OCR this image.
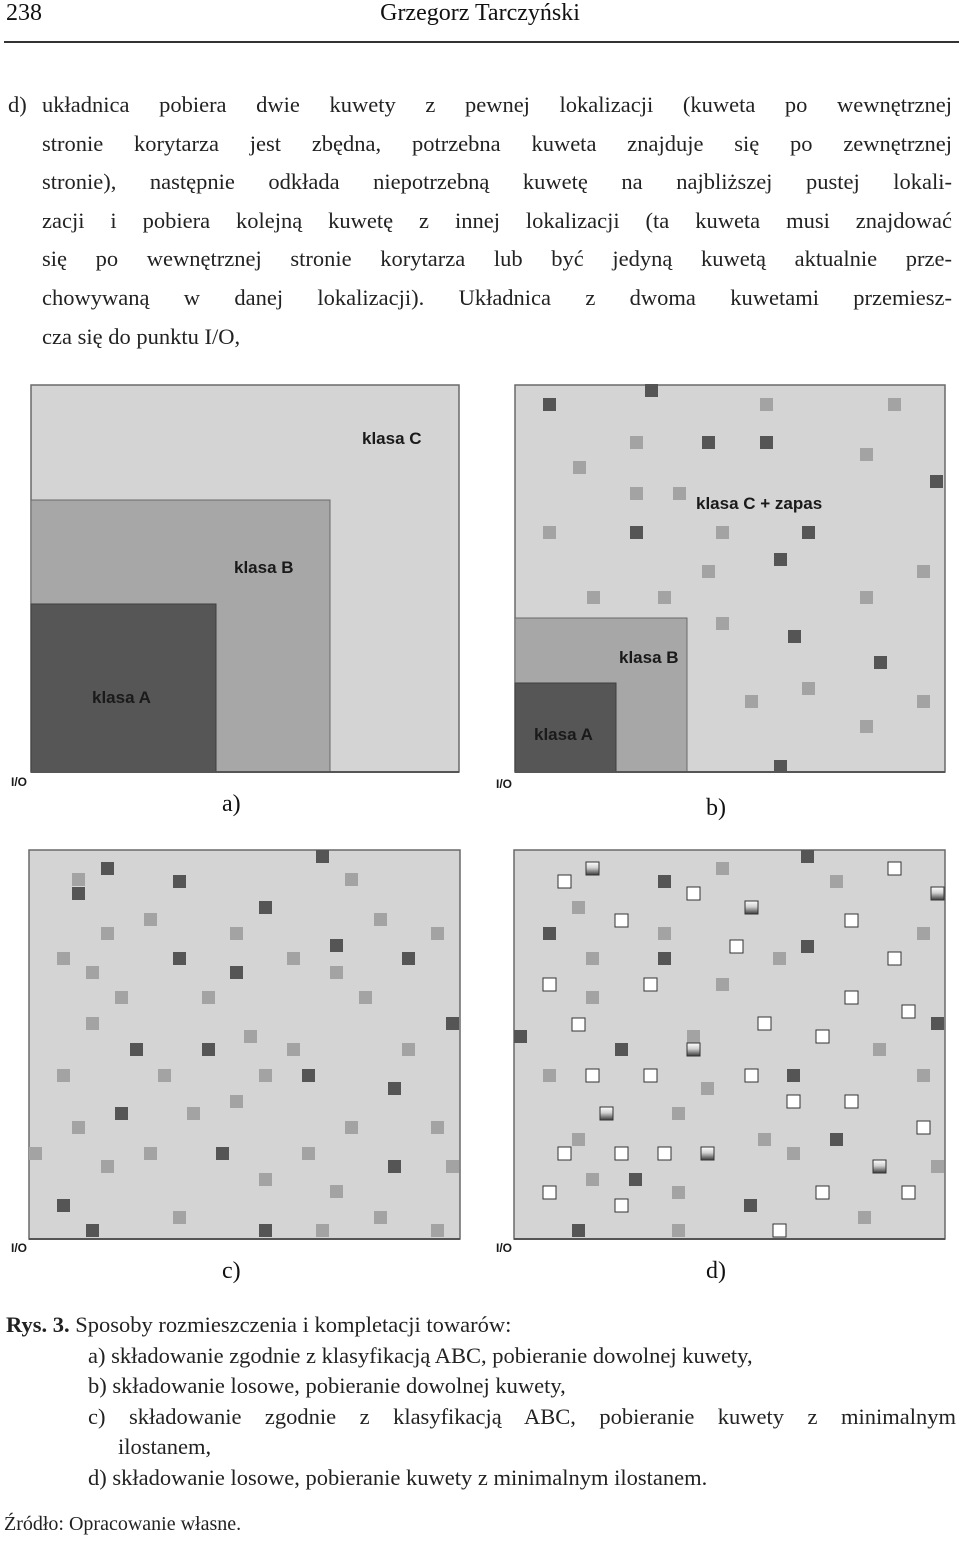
238	Grzegorz Tarczyński
d) układnica pobiera dwie kuwety z pewnej lokalizacji (kuweta po wewnętrznej
stronie korytarza jest zbędna, potrzebna kuweta znajduje się po zewnętrznej
stronie), następnie odkłada niepotrzebną kuwetę na najbliższej pustej lokali-
zacji i pobiera kolejną kuwetę z innej lokalizacji (ta kuweta musi znajdować
się po wewnętrznej stronie korytarza lub być jedyną kuwetą aktualnie prze-
chowywaną w danej lokalizacji). Układnica z dwoma kuwetami przemiesz-
cza się do punktu I/O,
klasa C
klasa B
klasa A
I/O
klasa C + zapas
klasa B
klasa A
I/O
I/O	I/O
a)	b)
c)	d)
Rys. 3. Sposoby rozmieszczenia i kompletacji towarów:
a) składowanie zgodnie z klasyfikacją ABC, pobieranie dowolnej kuwety,
b) składowanie losowe, pobieranie dowolnej kuwety,
c) składowanie zgodnie z klasyfikacją ABC, pobieranie kuwety z minimalnym
ilostanem,
d) składowanie losowe, pobieranie kuwety z minimalnym ilostanem.
Źródło: Opracowanie własne.
